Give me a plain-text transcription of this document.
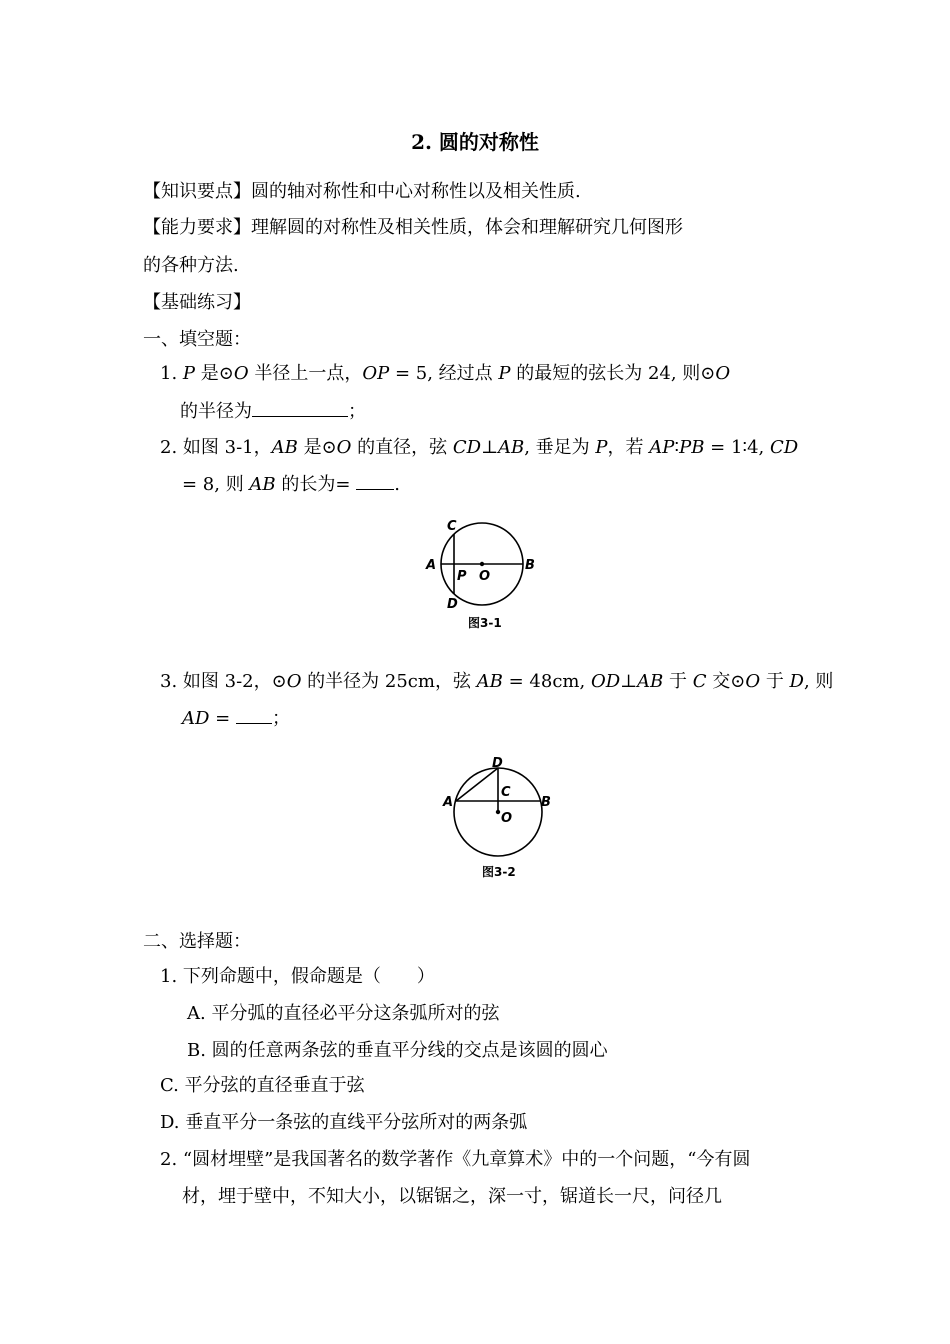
2. 圆的对称性
【知识要点】圆的轴对称性和中心对称性以及相关性质.
【能力要求】理解圆的对称性及相关性质，体会和理解研究几何图形
的各种方法.
【基础练习】
一、填空题：
1. P 是⊙O 半径上一点，OP = 5, 经过点 P 的最短的弦长为 24, 则⊙O
的半径为	；
2. 如图 3-1，AB 是⊙O 的直径，弦 CD⊥AB, 垂足为 P，若 AP∶PB = 1∶4, CD
= 8, 则 AB 的长为= .
C
A
P O
B
D
图3-1
3. 如图 3-2，⊙O 的半径为 25cm，弦 AB = 48cm, OD⊥AB 于 C 交⊙O 于 D, 则
AD = ；
D
C
A	B
O
图3-2
二、选择题：
1. 下列命题中，假命题是（　　）
A. 平分弧的直径必平分这条弧所对的弦
B. 圆的任意两条弦的垂直平分线的交点是该圆的圆心
C. 平分弦的直径垂直于弦
D. 垂直平分一条弦的直线平分弦所对的两条弧
2. “圆材埋壁”是我国著名的数学著作《九章算术》中的一个问题，“今有圆
材，埋于壁中，不知大小，以锯锯之，深一寸，锯道长一尺，问径几
